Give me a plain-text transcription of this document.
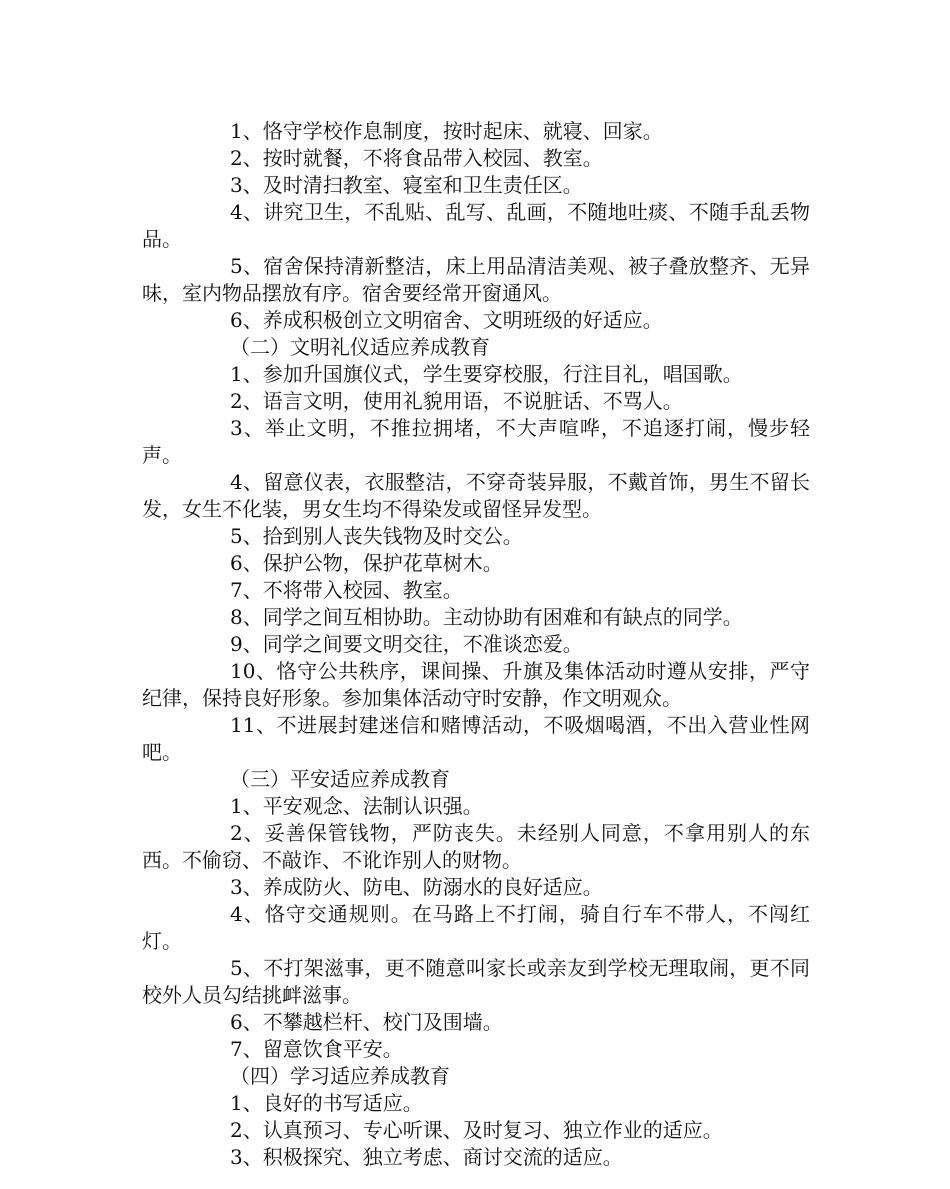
1、恪守学校作息制度，按时起床、就寝、回家。

2、按时就餐，不将食品带入校园、教室。

3、及时清扫教室、寝室和卫生责任区。

4、讲究卫生，不乱贴、乱写、乱画，不随地吐痰、不随手乱丢物品。

5、宿舍保持清新整洁，床上用品清洁美观、被子叠放整齐、无异味，室内物品摆放有序。宿舍要经常开窗通风。

6、养成积极创立文明宿舍、文明班级的好适应。

（二）文明礼仪适应养成教育

1、参加升国旗仪式，学生要穿校服，行注目礼，唱国歌。

2、语言文明，使用礼貌用语，不说脏话、不骂人。

3、举止文明，不推拉拥堵，不大声喧哗，不追逐打闹，慢步轻声。

4、留意仪表，衣服整洁，不穿奇装异服，不戴首饰，男生不留长发，女生不化装，男女生均不得染发或留怪异发型。

5、拾到别人丧失钱物及时交公。

6、保护公物，保护花草树木。

7、不将带入校园、教室。

8、同学之间互相协助。主动协助有困难和有缺点的同学。

9、同学之间要文明交往，不准谈恋爱。

10、恪守公共秩序，课间操、升旗及集体活动时遵从安排，严守纪律，保持良好形象。参加集体活动守时安静，作文明观众。

11、不进展封建迷信和赌博活动，不吸烟喝酒，不出入营业性网吧。

（三）平安适应养成教育

1、平安观念、法制认识强。

2、妥善保管钱物，严防丧失。未经别人同意，不拿用别人的东西。不偷窃、不敲诈、不讹诈别人的财物。

3、养成防火、防电、防溺水的良好适应。

4、恪守交通规则。在马路上不打闹，骑自行车不带人，不闯红灯。

5、不打架滋事，更不随意叫家长或亲友到学校无理取闹，更不同校外人员勾结挑衅滋事。

6、不攀越栏杆、校门及围墙。

7、留意饮食平安。

（四）学习适应养成教育

1、良好的书写适应。

2、认真预习、专心听课、及时复习、独立作业的适应。

3、积极探究、独立考虑、商讨交流的适应。
